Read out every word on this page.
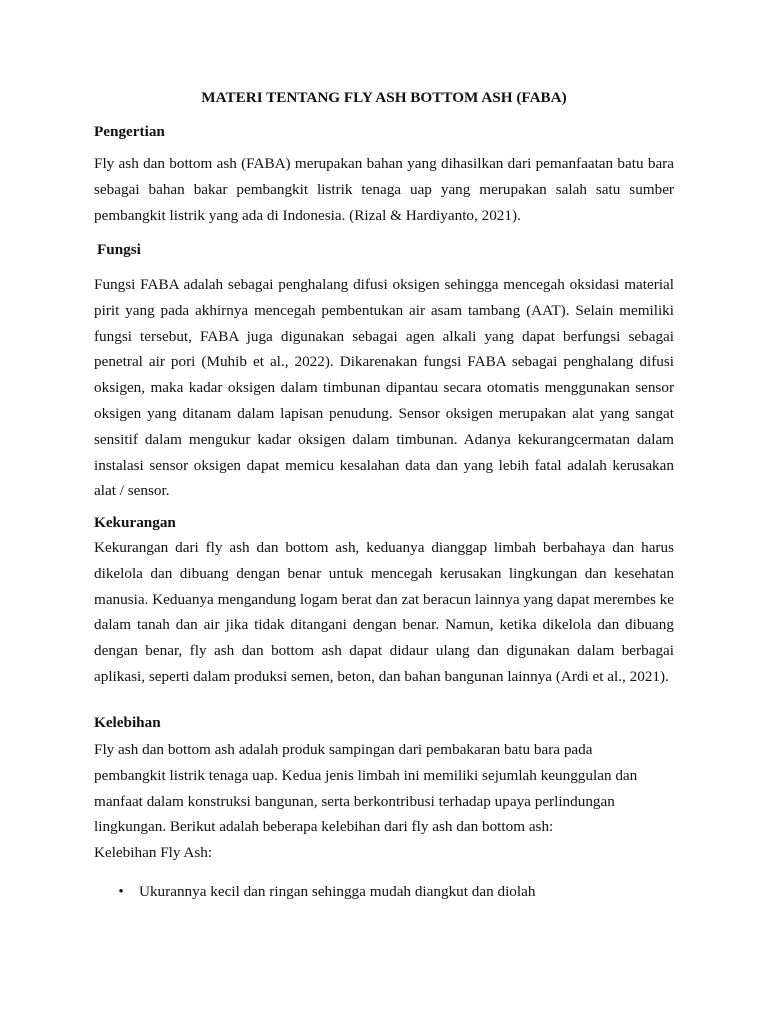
MATERI TENTANG FLY ASH BOTTOM ASH (FABA)
Pengertian

Fly ash dan bottom ash (FABA) merupakan bahan yang dihasilkan dari pemanfaatan batu bara sebagai bahan bakar pembangkit listrik tenaga uap yang merupakan salah satu sumber pembangkit listrik yang ada di Indonesia. (Rizal & Hardiyanto, 2021).

Fungsi

Fungsi FABA adalah sebagai penghalang difusi oksigen sehingga mencegah oksidasi material pirit yang pada akhirnya mencegah pembentukan air asam tambang (AAT). Selain memiliki fungsi tersebut, FABA juga digunakan sebagai agen alkali yang dapat berfungsi sebagai penetral air pori (Muhib et al., 2022). Dikarenakan fungsi FABA sebagai penghalang difusi oksigen, maka kadar oksigen dalam timbunan dipantau secara otomatis menggunakan sensor oksigen yang ditanam dalam lapisan penudung. Sensor oksigen merupakan alat yang sangat sensitif dalam mengukur kadar oksigen dalam timbunan. Adanya kekurangcermatan dalam instalasi sensor oksigen dapat memicu kesalahan data dan yang lebih fatal adalah kerusakan alat / sensor.

Kekurangan

Kekurangan dari fly ash dan bottom ash, keduanya dianggap limbah berbahaya dan harus dikelola dan dibuang dengan benar untuk mencegah kerusakan lingkungan dan kesehatan manusia. Keduanya mengandung logam berat dan zat beracun lainnya yang dapat merembes ke dalam tanah dan air jika tidak ditangani dengan benar. Namun, ketika dikelola dan dibuang dengan benar, fly ash dan bottom ash dapat didaur ulang dan digunakan dalam berbagai aplikasi, seperti dalam produksi semen, beton, dan bahan bangunan lainnya (Ardi et al., 2021).

Kelebihan
Fly ash dan bottom ash adalah produk sampingan dari pembakaran batu bara pada
pembangkit listrik tenaga uap. Kedua jenis limbah ini memiliki sejumlah keunggulan dan
manfaat dalam konstruksi bangunan, serta berkontribusi terhadap upaya perlindungan
lingkungan. Berikut adalah beberapa kelebihan dari fly ash dan bottom ash:
Kelebihan Fly Ash:
• Ukurannya kecil dan ringan sehingga mudah diangkut dan diolah
